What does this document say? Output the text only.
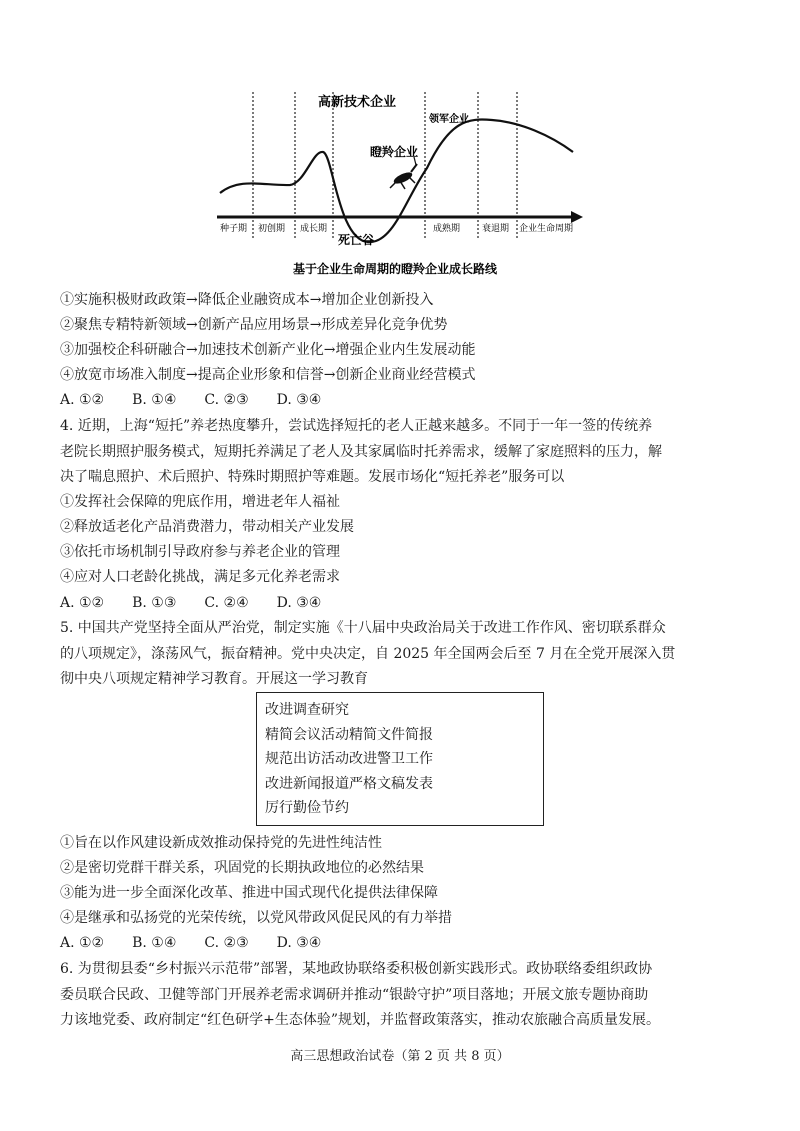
高新技术企业
领军企业
瞪羚企业
死亡谷
种子期 初创期 成长期	成熟期 衰退期 企业生命周期
基于企业生命周期的瞪羚企业成长路线
①实施积极财政政策→降低企业融资成本→增加企业创新投入
②聚焦专精特新领域→创新产品应用场景→形成差异化竞争优势
③加强校企科研融合→加速技术创新产业化→增强企业内生发展动能
④放宽市场准入制度→提高企业形象和信誉→创新企业商业经营模式
A. ①②　　B. ①④　　C. ②③　　D. ③④
4. 近期，上海“短托”养老热度攀升，尝试选择短托的老人正越来越多。不同于一年一签的传统养
老院长期照护服务模式，短期托养满足了老人及其家属临时托养需求，缓解了家庭照料的压力，解
决了喘息照护、术后照护、特殊时期照护等难题。发展市场化“短托养老”服务可以
①发挥社会保障的兜底作用，增进老年人福祉
②释放适老化产品消费潜力，带动相关产业发展
③依托市场机制引导政府参与养老企业的管理
④应对人口老龄化挑战，满足多元化养老需求
A. ①②　　B. ①③　　C. ②④　　D. ③④
5. 中国共产党坚持全面从严治党，制定实施《十八届中央政治局关于改进工作作风、密切联系群众
的八项规定》，涤荡风气，振奋精神。党中央决定，自 2025 年全国两会后至 7 月在全党开展深入贯
彻中央八项规定精神学习教育。开展这一学习教育
改进调查研究
精简会议活动精简文件简报
规范出访活动改进警卫工作
改进新闻报道严格文稿发表
厉行勤俭节约
①旨在以作风建设新成效推动保持党的先进性纯洁性
②是密切党群干群关系，巩固党的长期执政地位的必然结果
③能为进一步全面深化改革、推进中国式现代化提供法律保障
④是继承和弘扬党的光荣传统，以党风带政风促民风的有力举措
A. ①②　　B. ①④　　C. ②③　　D. ③④
6. 为贯彻县委“乡村振兴示范带”部署，某地政协联络委积极创新实践形式。政协联络委组织政协
委员联合民政、卫健等部门开展养老需求调研并推动“银龄守护”项目落地；开展文旅专题协商助
力该地党委、政府制定“红色研学+生态体验”规划，并监督政策落实，推动农旅融合高质量发展。
高三思想政治试卷（第 2 页 共 8 页）
